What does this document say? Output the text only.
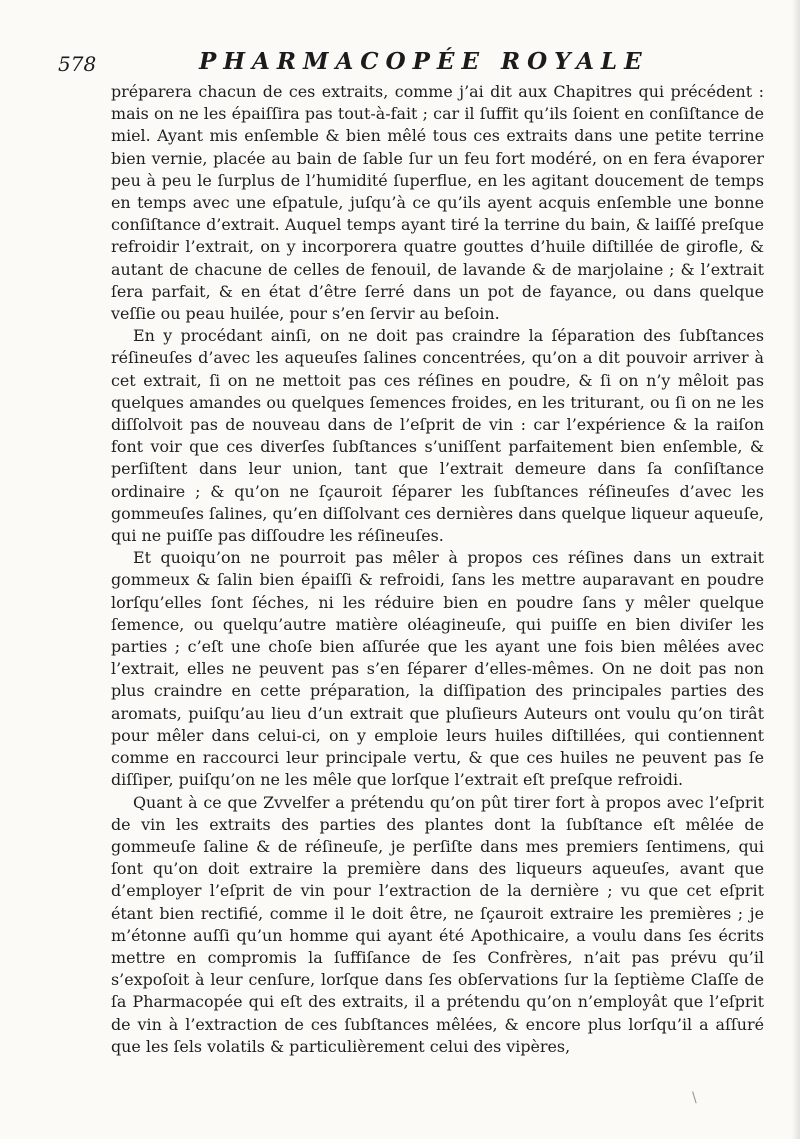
578	PHARMACOPÉE ROYALE

préparera chacun de ces extraits, comme j’ai dit aux Chapitres qui précédent : mais on ne les épaiſſira pas tout-à-fait ; car il ſuffit qu’ils ſoient en conſiſtance de miel. Ayant mis enſemble & bien mêlé tous ces extraits dans une petite terrine bien vernie, placée au bain de ſable ſur un feu fort modéré, on en fera évaporer peu à peu le ſurplus de l’humidité ſuperflue, en les agitant doucement de temps en temps avec une eſpatule, juſqu’à ce qu’ils ayent acquis enſemble une bonne conſiſtance d’extrait. Auquel temps ayant tiré la terrine du bain, & laiſſé preſque refroidir l’extrait, on y incorporera quatre gouttes d’huile diſtillée de girofle, & autant de chacune de celles de fenouil, de lavande & de marjolaine ; & l’extrait ſera parfait, & en état d’être ſerré dans un pot de fayance, ou dans quelque veſſie ou peau huilée, pour s’en ſervir au beſoin.

En y procédant ainſi, on ne doit pas craindre la ſéparation des ſubſtances réſineuſes d’avec les aqueuſes ſalines concentrées, qu’on a dit pouvoir arriver à cet extrait, ſi on ne mettoit pas ces réſines en poudre, & ſi on n’y mêloit pas quelques amandes ou quelques ſemences froides, en les triturant, ou ſi on ne les diſſolvoit pas de nouveau dans de l’eſprit de vin : car l’expérience & la raiſon font voir que ces diverſes ſubſtances s’uniſſent parfaitement bien enſemble, & perſiſtent dans leur union, tant que l’extrait demeure dans ſa conſiſtance ordinaire ; & qu’on ne ſçauroit ſéparer les ſubſtances réſineuſes d’avec les gommeuſes ſalines, qu’en diſſolvant ces dernières dans quelque liqueur aqueuſe, qui ne puiſſe pas diſſoudre les réſineuſes.

Et quoiqu’on ne pourroit pas mêler à propos ces réſines dans un extrait gommeux & ſalin bien épaiſſi & refroidi, ſans les mettre auparavant en poudre lorſqu’elles ſont ſéches, ni les réduire bien en poudre ſans y mêler quelque ſemence, ou quelqu’autre matière oléagineuſe, qui puiſſe en bien diviſer les parties ; c’eſt une choſe bien aſſurée que les ayant une fois bien mêlées avec l’extrait, elles ne peuvent pas s’en ſéparer d’elles-mêmes. On ne doit pas non plus craindre en cette préparation, la diſſipation des principales parties des aromats, puiſqu’au lieu d’un extrait que pluſieurs Auteurs ont voulu qu’on tirât pour mêler dans celui-ci, on y emploie leurs huiles diſtillées, qui contiennent comme en raccourci leur principale vertu, & que ces huiles ne peuvent pas ſe diſſiper, puiſqu’on ne les mêle que lorſque l’extrait eſt preſque refroidi.

Quant à ce que Zvvelfer a prétendu qu’on pût tirer fort à propos avec l’eſprit de vin les extraits des parties des plantes dont la ſubſtance eſt mêlée de gommeuſe ſaline & de réſineuſe, je perſiſte dans mes premiers ſentimens, qui ſont qu’on doit extraire la première dans des liqueurs aqueuſes, avant que d’employer l’eſprit de vin pour l’extraction de la dernière ; vu que cet eſprit étant bien rectifié, comme il le doit être, ne ſçauroit extraire les premières ; je m’étonne auſſi qu’un homme qui ayant été Apothicaire, a voulu dans ſes écrits mettre en compromis la ſuffiſance de ſes Confrères, n’ait pas prévu qu’il s’expoſoit à leur cenſure, lorſque dans ſes obſervations ſur la ſeptième Claſſe de ſa Pharmacopée qui eſt des extraits, il a prétendu qu’on n’employât que l’eſprit de vin à l’extraction de ces ſubſtances mêlées, & encore plus lorſqu’il a aſſuré que les ſels volatils & particulièrement celui des vipères,

\
